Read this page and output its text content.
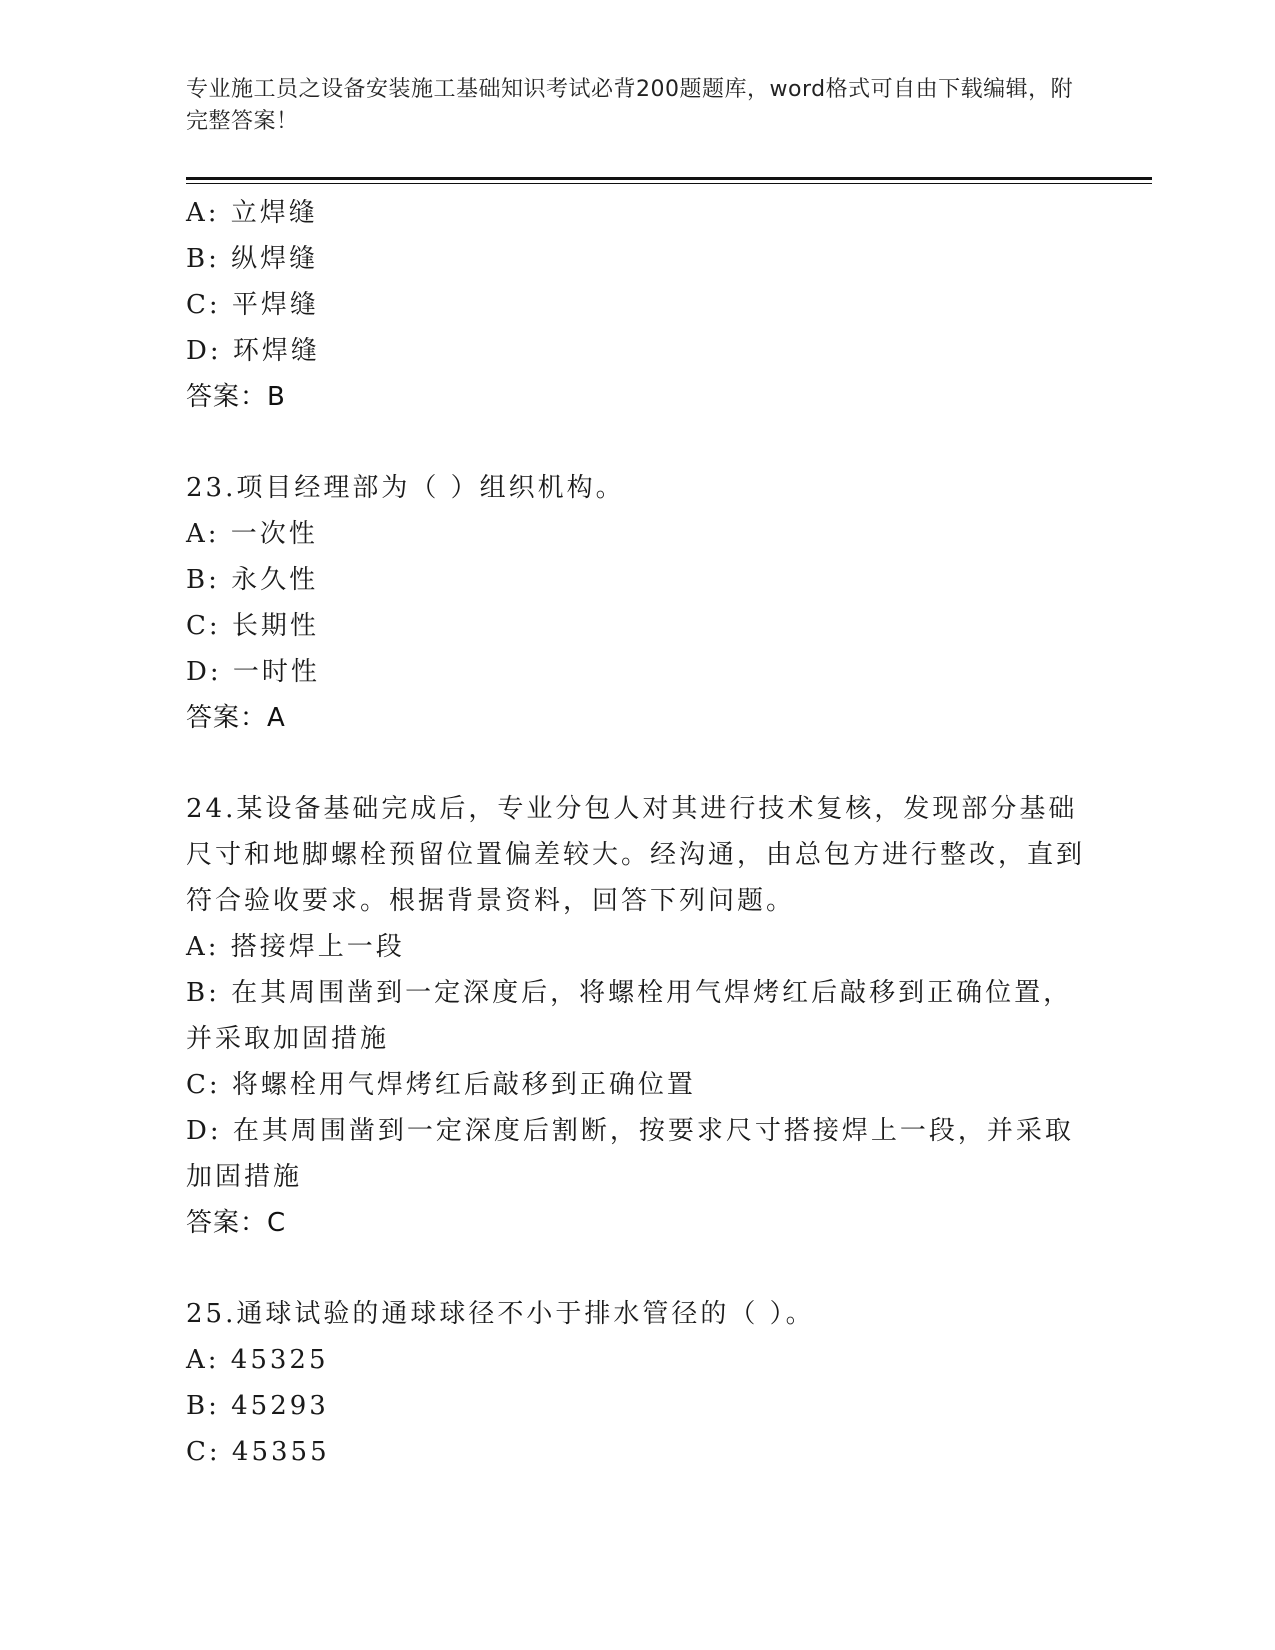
专业施工员之设备安装施工基础知识考试必背200题题库，word格式可自由下载编辑，附完整答案！
A: 立焊缝
B: 纵焊缝
C: 平焊缝
D: 环焊缝
答案：B
23.项目经理部为（ ）组织机构。
A: 一次性
B: 永久性
C: 长期性
D: 一时性
答案：A
24.某设备基础完成后，专业分包人对其进行技术复核，发现部分基础尺寸和地脚螺栓预留位置偏差较大。经沟通，由总包方进行整改，直到符合验收要求。根据背景资料，回答下列问题。
A: 搭接焊上一段
B: 在其周围凿到一定深度后，将螺栓用气焊烤红后敲移到正确位置，并采取加固措施
C: 将螺栓用气焊烤红后敲移到正确位置
D: 在其周围凿到一定深度后割断，按要求尺寸搭接焊上一段，并采取加固措施
答案：C
25.通球试验的通球球径不小于排水管径的（ ）。
A: 45325
B: 45293
C: 45355
